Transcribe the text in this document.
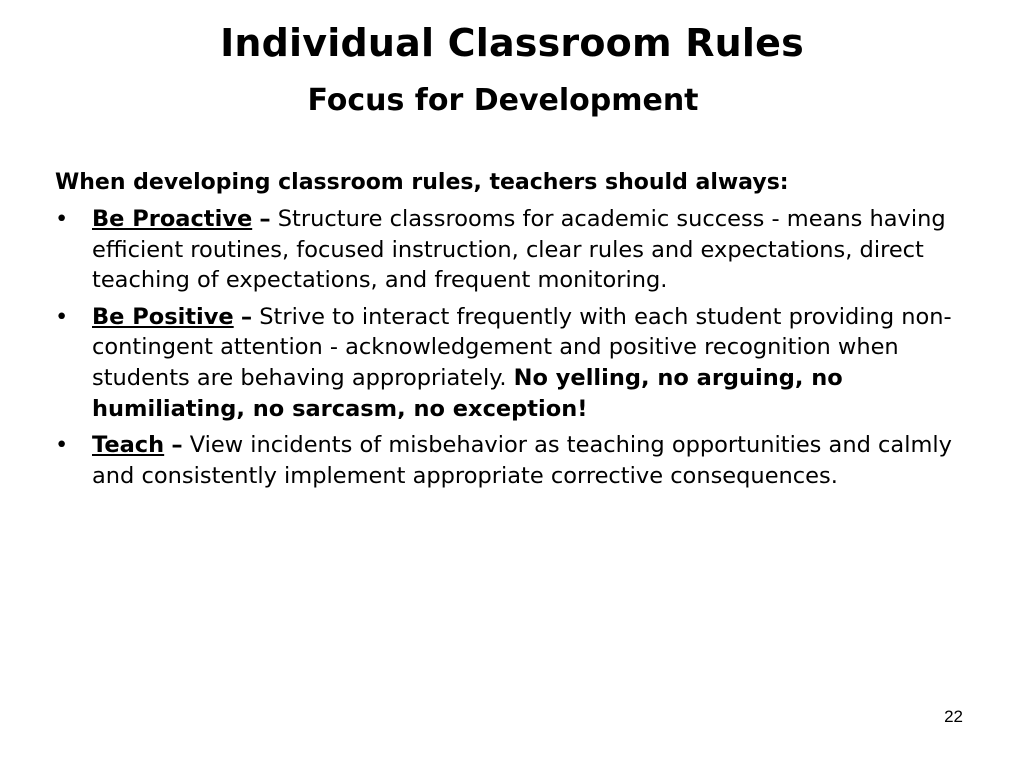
Individual Classroom Rules
Focus for Development

When developing classroom rules, teachers should always:

• Be Proactive – Structure classrooms for academic success - means having efficient routines, focused instruction, clear rules and expectations, direct teaching of expectations, and frequent monitoring.
• Be Positive – Strive to interact frequently with each student providing non-contingent attention - acknowledgement and positive recognition when students are behaving appropriately. No yelling, no arguing, no humiliating, no sarcasm, no exception!
• Teach – View incidents of misbehavior as teaching opportunities and calmly and consistently implement appropriate corrective consequences.
22
